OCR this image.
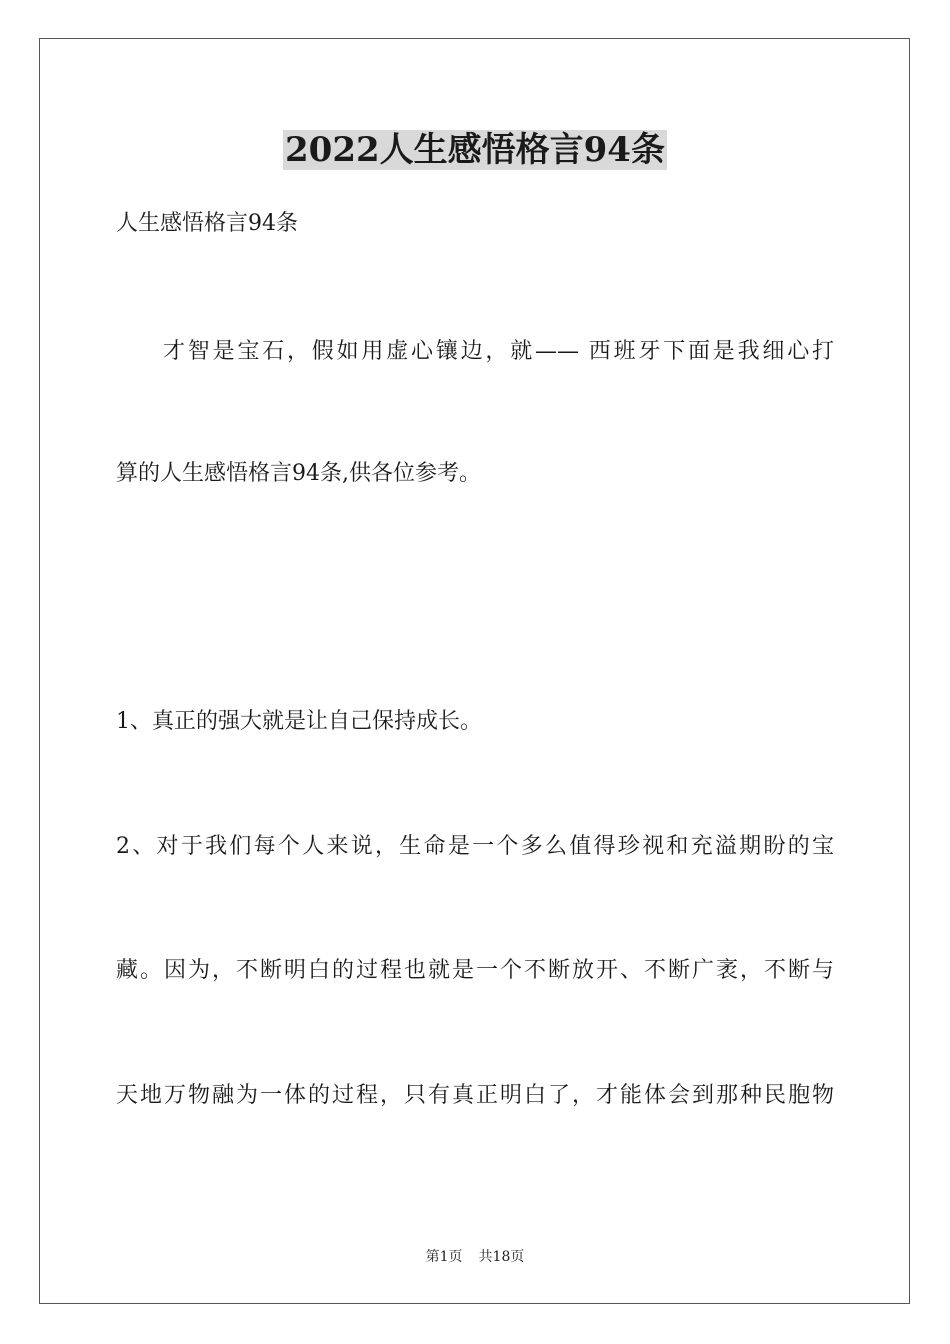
2022人生感悟格言94条
人生感悟格言94条
才智是宝石，假如用虚心镶边，就—— 西班牙下面是我细心打
算的人生感悟格言94条,供各位参考。
1、真正的强大就是让自己保持成长。
2、对于我们每个人来说，生命是一个多么值得珍视和充溢期盼的宝
藏。因为，不断明白的过程也就是一个不断放开、不断广袤，不断与
天地万物融为一体的过程，只有真正明白了，才能体会到那种民胞物
第1页 共18页
